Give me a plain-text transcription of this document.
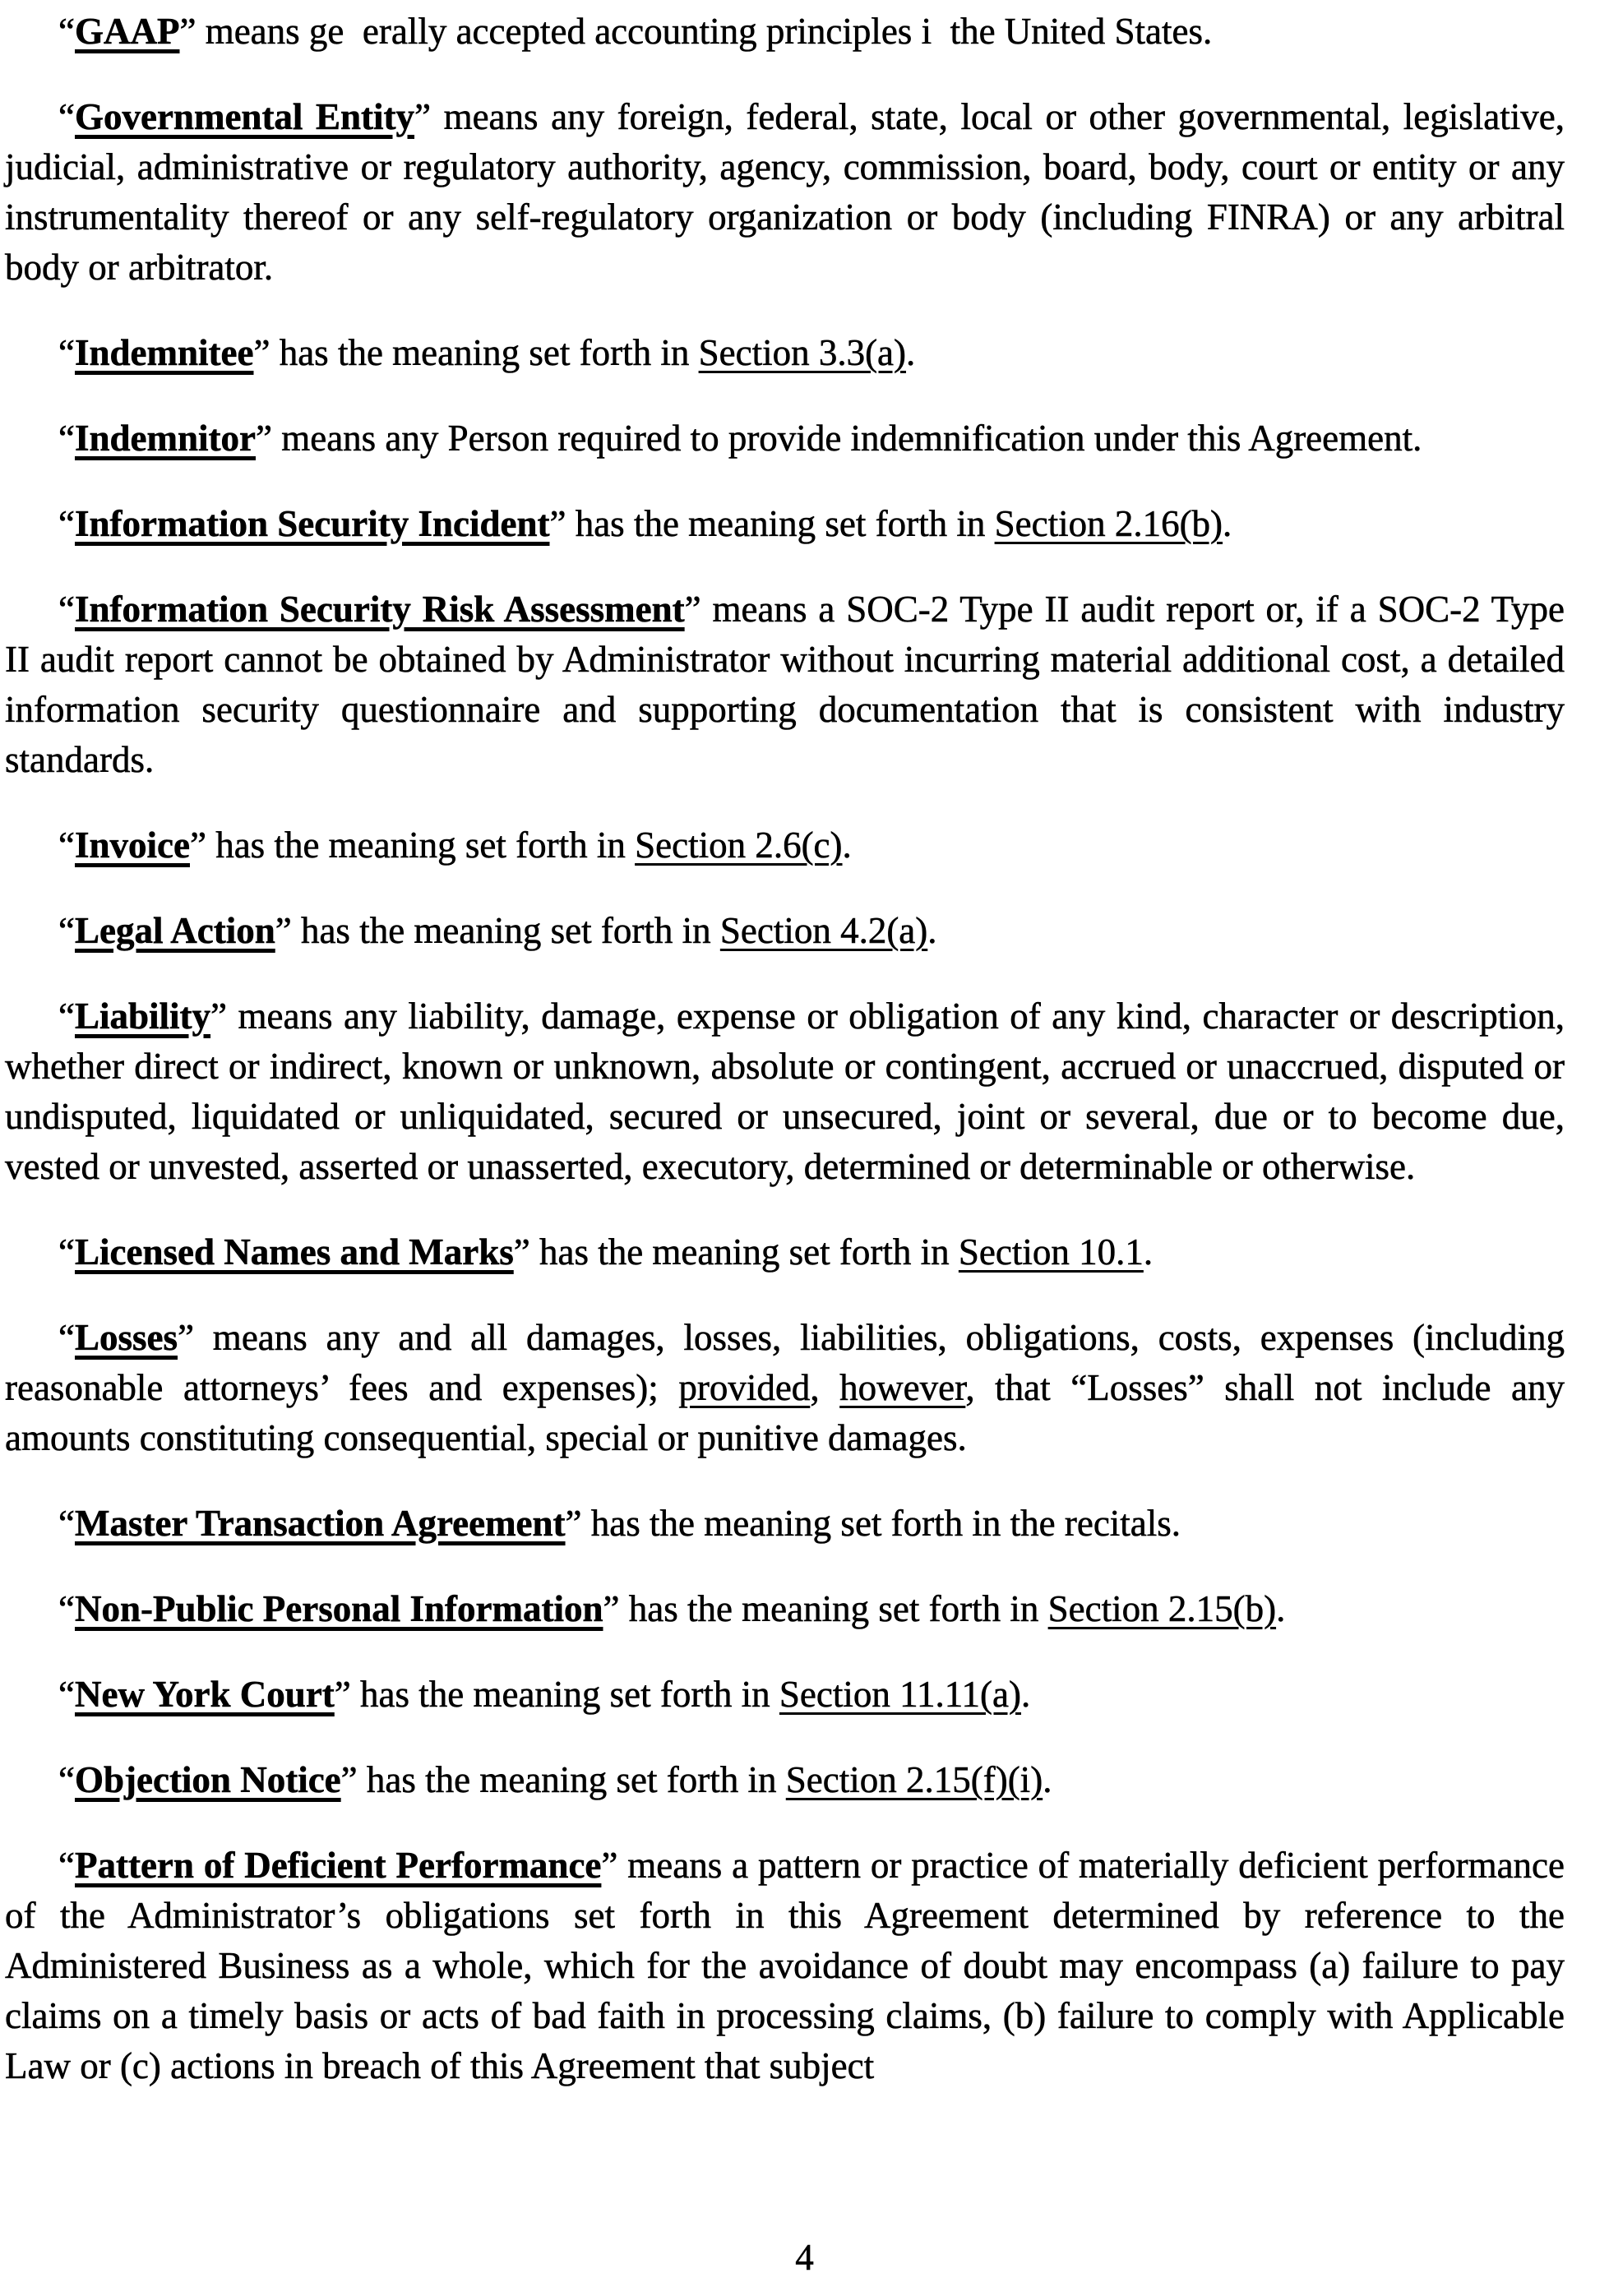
“GAAP” means ge erally accepted accounting principles i the United States.

“Governmental Entity” means any foreign, federal, state, local or other governmental, legislative, judicial, administrative or regulatory authority, agency, commission, board, body, court or entity or any instrumentality thereof or any self-regulatory organization or body (including FINRA) or any arbitral body or arbitrator.

“Indemnitee” has the meaning set forth in Section 3.3(a).

“Indemnitor” means any Person required to provide indemnification under this Agreement.

“Information Security Incident” has the meaning set forth in Section 2.16(b).

“Information Security Risk Assessment” means a SOC-2 Type II audit report or, if a SOC-2 Type II audit report cannot be obtained by Administrator without incurring material additional cost, a detailed information security questionnaire and supporting documentation that is consistent with industry standards.

“Invoice” has the meaning set forth in Section 2.6(c).

“Legal Action” has the meaning set forth in Section 4.2(a).

“Liability” means any liability, damage, expense or obligation of any kind, character or description, whether direct or indirect, known or unknown, absolute or contingent, accrued or unaccrued, disputed or undisputed, liquidated or unliquidated, secured or unsecured, joint or several, due or to become due, vested or unvested, asserted or unasserted, executory, determined or determinable or otherwise.

“Licensed Names and Marks” has the meaning set forth in Section 10.1.

“Losses” means any and all damages, losses, liabilities, obligations, costs, expenses (including reasonable attorneys’ fees and expenses); provided, however, that “Losses” shall not include any amounts constituting consequential, special or punitive damages.

“Master Transaction Agreement” has the meaning set forth in the recitals.

“Non-Public Personal Information” has the meaning set forth in Section 2.15(b).

“New York Court” has the meaning set forth in Section 11.11(a).

“Objection Notice” has the meaning set forth in Section 2.15(f)(i).

“Pattern of Deficient Performance” means a pattern or practice of materially deficient performance of the Administrator’s obligations set forth in this Agreement determined by reference to the Administered Business as a whole, which for the avoidance of doubt may encompass (a) failure to pay claims on a timely basis or acts of bad faith in processing claims, (b) failure to comply with Applicable Law or (c) actions in breach of this Agreement that subject

4
